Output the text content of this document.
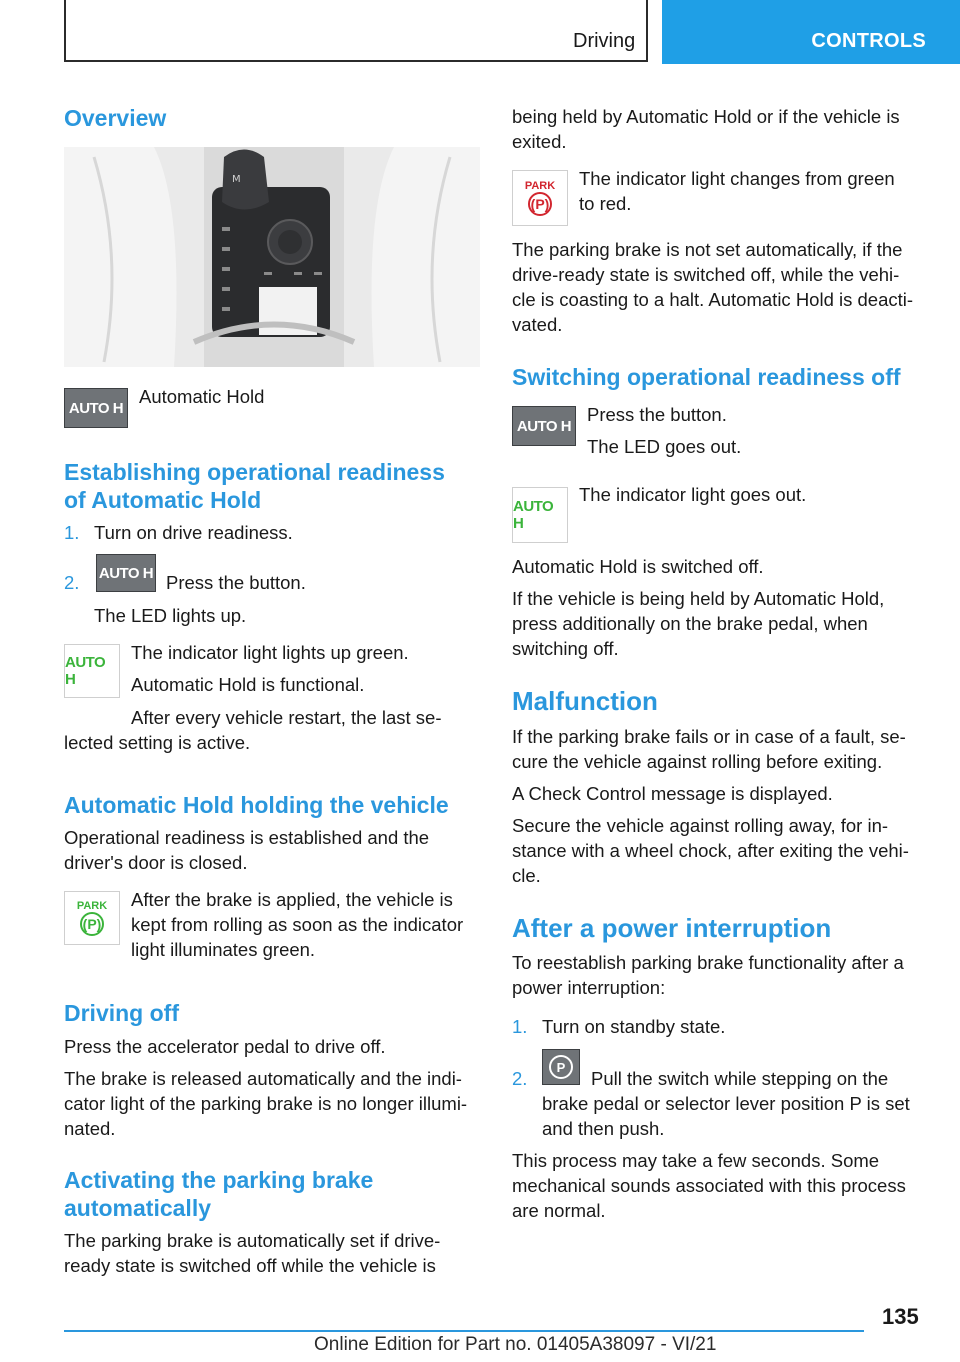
Driving	CONTROLS
Overview
M
AUTO H

Automatic Hold

Establishing operational readiness
of Automatic Hold

1. Turn on drive readiness.

2. AUTO H Press the button.

The LED lights up.

AUTO H

The indicator light lights up green.

Automatic Hold is functional.

After every vehicle restart, the last se-

lected setting is active.

Automatic Hold holding the vehicle

Operational readiness is established and the

driver's door is closed.

PARK
(P)

After the brake is applied, the vehicle is

kept from rolling as soon as the indicator

light illuminates green.

Driving off

Press the accelerator pedal to drive off.

The brake is released automatically and the indi-

cator light of the parking brake is no longer illumi-

nated.

Activating the parking brake
automatically

The parking brake is automatically set if drive-

ready state is switched off while the vehicle is

being held by Automatic Hold or if the vehicle is

exited.

PARK
(P)

The indicator light changes from green

to red.

The parking brake is not set automatically, if the

drive-ready state is switched off, while the vehi-

cle is coasting to a halt. Automatic Hold is deacti-

vated.

Switching operational readiness off
AUTO H

Press the button.

The LED goes out.

AUTO H

The indicator light goes out.

Automatic Hold is switched off.

If the vehicle is being held by Automatic Hold,

press additionally on the brake pedal, when

switching off.

Malfunction

If the parking brake fails or in case of a fault, se-

cure the vehicle against rolling before exiting.

A Check Control message is displayed.

Secure the vehicle against rolling away, for in-

stance with a wheel chock, after exiting the vehi-

cle.

After a power interruption

To reestablish parking brake functionality after a

power interruption:

1. Turn on standby state.

2.

P

Pull the switch while stepping on the

brake pedal or selector lever position P is set

and then push.

This process may take a few seconds. Some

mechanical sounds associated with this process

are normal.

135
Online Edition for Part no. 01405A38097 - VI/21
